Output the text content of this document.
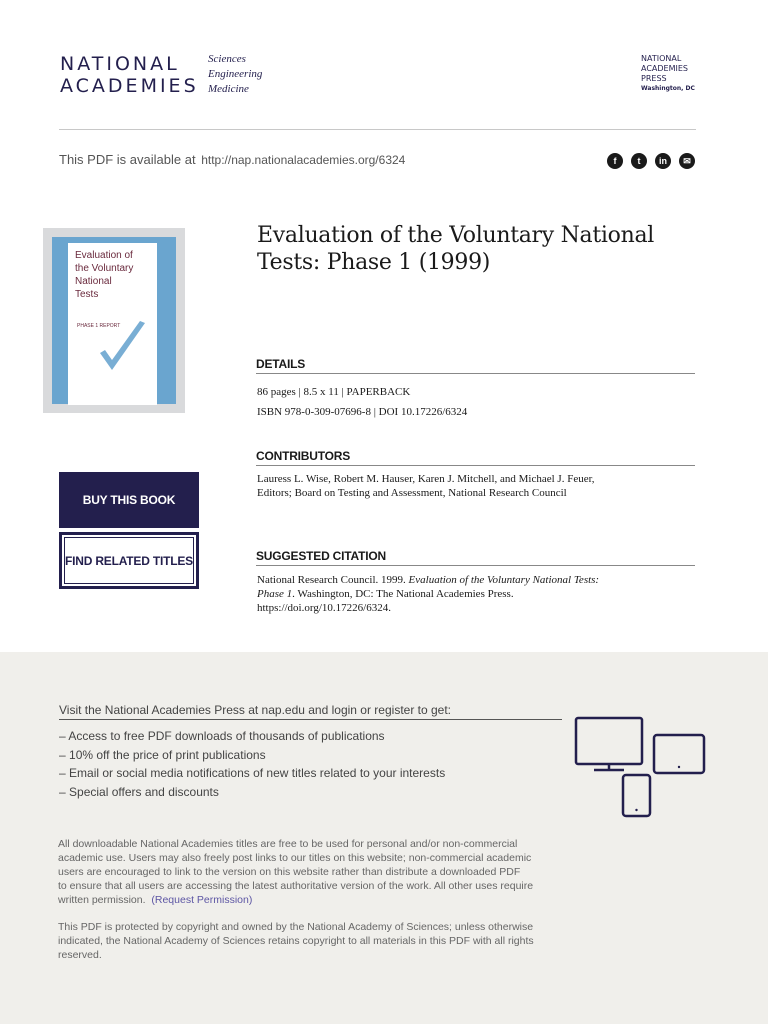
NATIONAL
ACADEMIES
Sciences
Engineering
Medicine
NATIONAL
ACADEMIES
PRESS
Washington, DC
This PDF is available at http://nap.nationalacademies.org/6324	f	t	in	✉
Evaluation of the Voluntary National Tests
PHASE 1 REPORT
BUY THIS BOOK
FIND RELATED TITLES
Evaluation of the Voluntary National Tests: Phase 1 (1999)
DETAILS
86 pages | 8.5 x 11 | PAPERBACK
ISBN 978-0-309-07696-8 | DOI 10.17226/6324
CONTRIBUTORS
Lauress L. Wise, Robert M. Hauser, Karen J. Mitchell, and Michael J. Feuer,
Editors; Board on Testing and Assessment, National Research Council
SUGGESTED CITATION
National Research Council. 1999. Evaluation of the Voluntary National Tests:
Phase 1. Washington, DC: The National Academies Press.
https://doi.org/10.17226/6324.
Visit the National Academies Press at nap.edu and login or register to get:
– Access to free PDF downloads of thousands of publications
– 10% off the price of print publications
– Email or social media notifications of new titles related to your interests
– Special offers and discounts
All downloadable National Academies titles are free to be used for personal and/or non-commercial
academic use. Users may also freely post links to our titles on this website; non-commercial academic
users are encouraged to link to the version on this website rather than distribute a downloaded PDF
to ensure that all users are accessing the latest authoritative version of the work. All other uses require
written permission. (Request Permission)
This PDF is protected by copyright and owned by the National Academy of Sciences; unless otherwise
indicated, the National Academy of Sciences retains copyright to all materials in this PDF with all rights
reserved.
